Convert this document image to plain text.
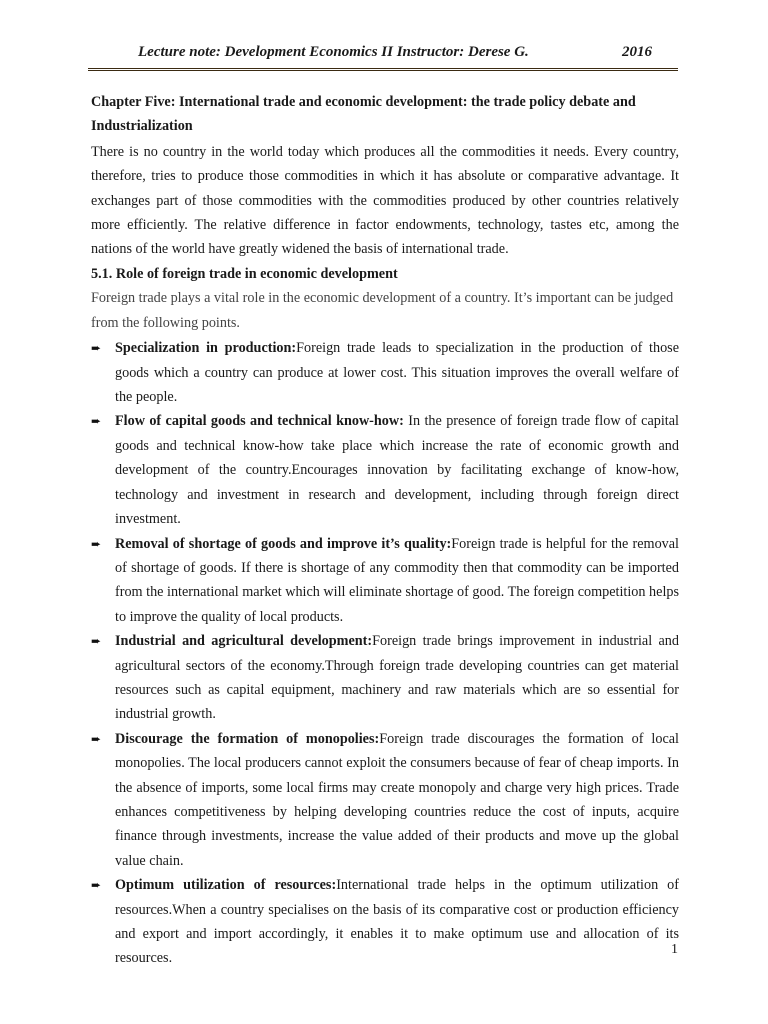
Lecture note: Development Economics II Instructor: Derese G.	2016

Chapter Five: International trade and economic development: the trade policy debate and Industrialization

There is no country in the world today which produces all the commodities it needs. Every country, therefore, tries to produce those commodities in which it has absolute or comparative advantage. It exchanges part of those commodities with the commodities produced by other countries relatively more efficiently. The relative difference in factor endowments, technology, tastes etc, among the nations of the world have greatly widened the basis of international trade.

5.1. Role of foreign trade in economic development

Foreign trade plays a vital role in the economic development of a country. It’s important can be judged from the following points.

➨ Specialization in production:Foreign trade leads to specialization in the production of those goods which a country can produce at lower cost. This situation improves the overall welfare of the people.
➨ Flow of capital goods and technical know-how: In the presence of foreign trade flow of capital goods and technical know-how take place which increase the rate of economic growth and development of the country.Encourages innovation by facilitating exchange of know-how, technology and investment in research and development, including through foreign direct investment.
➨ Removal of shortage of goods and improve it’s quality:Foreign trade is helpful for the removal of shortage of goods. If there is shortage of any commodity then that commodity can be imported from the international market which will eliminate shortage of good. The foreign competition helps to improve the quality of local products.
➨ Industrial and agricultural development:Foreign trade brings improvement in industrial and agricultural sectors of the economy.Through foreign trade developing countries can get material resources such as capital equipment, machinery and raw materials which are so essential for industrial growth.
➨ Discourage the formation of monopolies:Foreign trade discourages the formation of local monopolies. The local producers cannot exploit the consumers because of fear of cheap imports. In the absence of imports, some local firms may create monopoly and charge very high prices. Trade enhances competitiveness by helping developing countries reduce the cost of inputs, acquire finance through investments, increase the value added of their products and move up the global value chain.
➨ Optimum utilization of resources:International trade helps in the optimum utilization of resources.When a country specialises on the basis of its comparative cost or production efficiency and export and import accordingly, it enables it to make optimum use and allocation of its resources.
1
